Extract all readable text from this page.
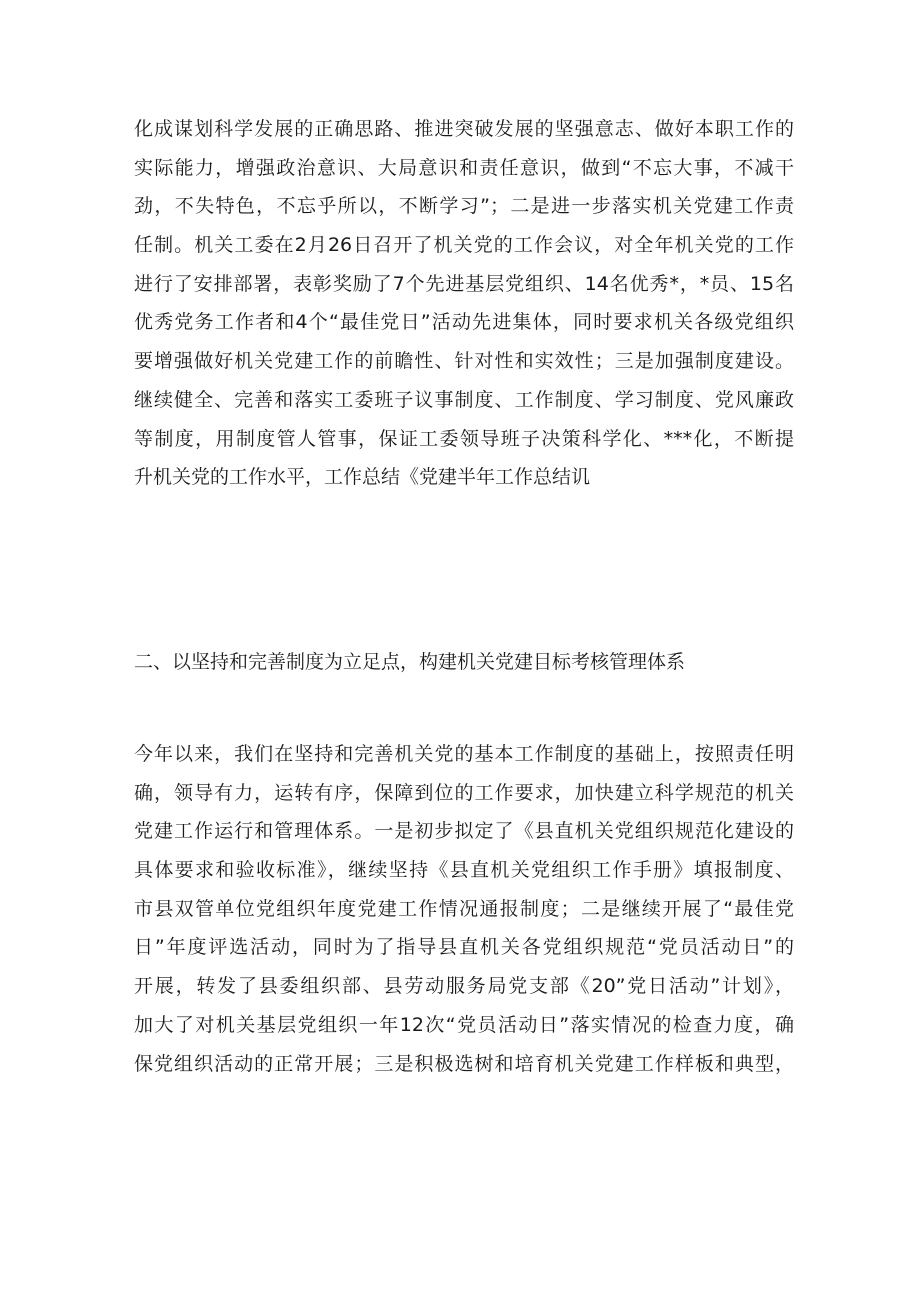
化成谋划科学发展的正确思路、推进突破发展的坚强意志、做好本职工作的
实际能力，增强政治意识、大局意识和责任意识，做到“不忘大事，不减干
劲，不失特色，不忘乎所以，不断学习”；二是进一步落实机关党建工作责
任制。机关工委在2月26日召开了机关党的工作会议，对全年机关党的工作
进行了安排部署，表彰奖励了7个先进基层党组织、14名优秀*，*员、15名
优秀党务工作者和4个“最佳党日”活动先进集体，同时要求机关各级党组织
要增强做好机关党建工作的前瞻性、针对性和实效性；三是加强制度建设。
继续健全、完善和落实工委班子议事制度、工作制度、学习制度、党风廉政
等制度，用制度管人管事，保证工委领导班子决策科学化、***化，不断提
升机关党的工作水平，工作总结《党建半年工作总结讥
二、以坚持和完善制度为立足点，构建机关党建目标考核管理体系
今年以来，我们在坚持和完善机关党的基本工作制度的基础上，按照责任明
确，领导有力，运转有序，保障到位的工作要求，加快建立科学规范的机关
党建工作运行和管理体系。一是初步拟定了《县直机关党组织规范化建设的
具体要求和验收标准》，继续坚持《县直机关党组织工作手册》填报制度、
市县双管单位党组织年度党建工作情况通报制度；二是继续开展了“最佳党
日”年度评选活动，同时为了指导县直机关各党组织规范“党员活动日”的
开展，转发了县委组织部、县劳动服务局党支部《20”党日活动”计划》，
加大了对机关基层党组织一年12次“党员活动日”落实情况的检查力度，确
保党组织活动的正常开展；三是积极选树和培育机关党建工作样板和典型，
